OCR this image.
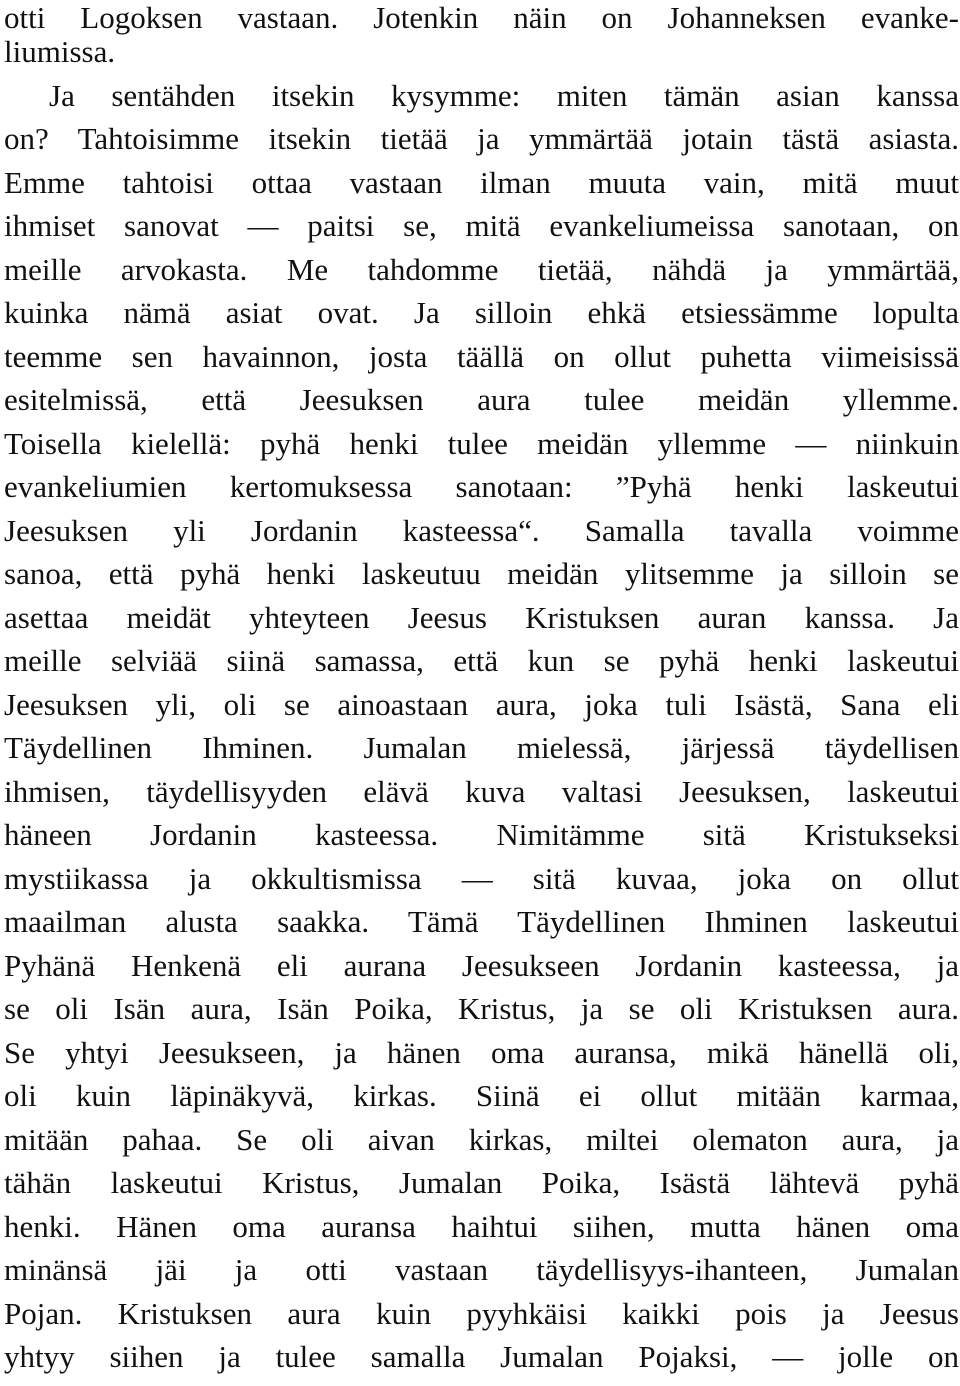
otti Logoksen vastaan. Jotenkin näin on Johanneksen evanke-
liumissa.
Ja sentähden itsekin kysymme: miten tämän asian kanssa
on? Tahtoisimme itsekin tietää ja ymmärtää jotain tästä asiasta.
Emme tahtoisi ottaa vastaan ilman muuta vain, mitä muut
ihmiset sanovat — paitsi se, mitä evankeliumeissa sanotaan, on
meille arvokasta. Me tahdomme tietää, nähdä ja ymmärtää,
kuinka nämä asiat ovat. Ja silloin ehkä etsiessämme lopulta
teemme sen havainnon, josta täällä on ollut puhetta viimeisissä
esitelmissä, että Jeesuksen aura tulee meidän yllemme.
Toisella kielellä: pyhä henki tulee meidän yllemme — niinkuin
evankeliumien kertomuksessa sanotaan: ”Pyhä henki laskeutui
Jeesuksen yli Jordanin kasteessa“. Samalla tavalla voimme
sanoa, että pyhä henki laskeutuu meidän ylitsemme ja silloin se
asettaa meidät yhteyteen Jeesus Kristuksen auran kanssa. Ja
meille selviää siinä samassa, että kun se pyhä henki laskeutui
Jeesuksen yli, oli se ainoastaan aura, joka tuli Isästä, Sana eli
Täydellinen Ihminen. Jumalan mielessä, järjessä täydellisen
ihmisen, täydellisyyden elävä kuva valtasi Jeesuksen, laskeutui
häneen Jordanin kasteessa. Nimitämme sitä Kristukseksi
mystiikassa ja okkultismissa — sitä kuvaa, joka on ollut
maailman alusta saakka. Tämä Täydellinen Ihminen laskeutui
Pyhänä Henkenä eli aurana Jeesukseen Jordanin kasteessa, ja
se oli Isän aura, Isän Poika, Kristus, ja se oli Kristuksen aura.
Se yhtyi Jeesukseen, ja hänen oma auransa, mikä hänellä oli,
oli kuin läpinäkyvä, kirkas. Siinä ei ollut mitään karmaa,
mitään pahaa. Se oli aivan kirkas, miltei olematon aura, ja
tähän laskeutui Kristus, Jumalan Poika, Isästä lähtevä pyhä
henki. Hänen oma auransa haihtui siihen, mutta hänen oma
minänsä jäi ja otti vastaan täydellisyys-ihanteen, Jumalan
Pojan. Kristuksen aura kuin pyyhkäisi kaikki pois ja Jeesus
yhtyy siihen ja tulee samalla Jumalan Pojaksi, — jolle on
